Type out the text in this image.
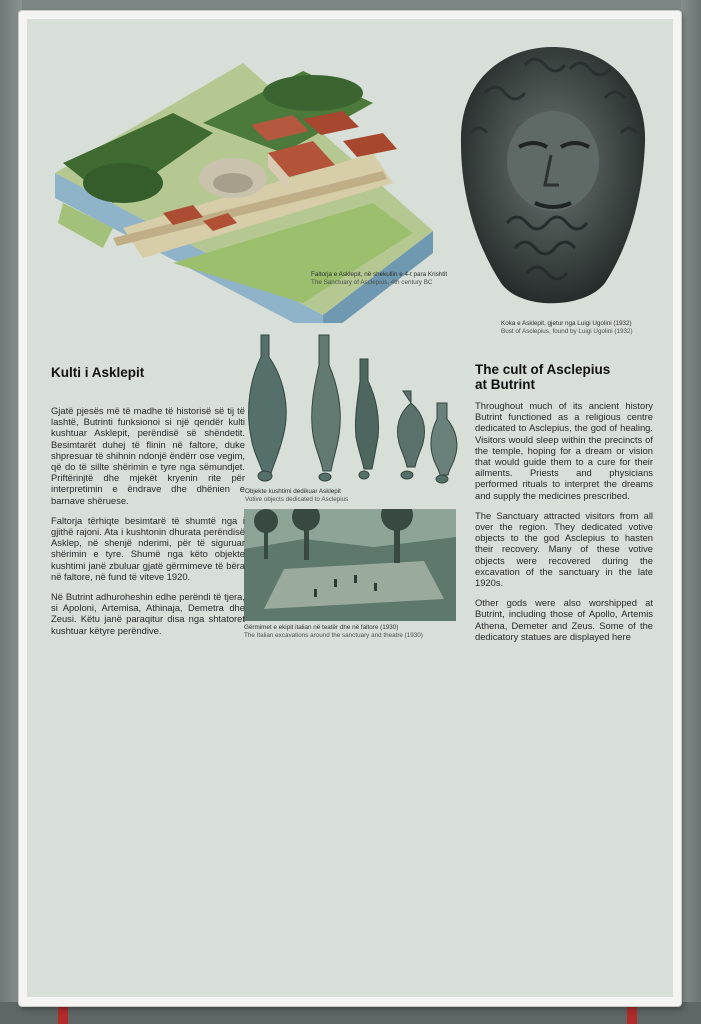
Faltorja e Asklepit, në shekullin e 4-t para Krishtit
The Sanctuary of Asclepius, 4th century BC
Koka e Asklepit, gjetur nga Luigi Ugolini (1932)
Bust of Asclepius, found by Luigi Ugolini (1932)
Objekte kushtimi dedikuar Asklepit
Votive objects dedicated to Asclepius
Gërmimet e ekipit italian në teatër dhe në faltore (1930)
The Italian excavations around the sanctuary and theatre (1930)
Kulti i Asklepit

Gjatë pjesës më të madhe të historisë së tij të lashtë, Butrinti funksionoi si një qendër kulti kushtuar Asklepit, perëndisë së shëndetit. Besimtarët duhej të flinin në faltore, duke shpresuar të shihnin ndonjë ëndërr ose vegim, që do të sillte shërimin e tyre nga sëmundjet. Priftërinjtë dhe mjekët kryenin rite për interpretimin e ëndrave dhe dhënien e barnave shëruese.

Faltorja tërhiqte besimtarë të shumtë nga i gjithë rajoni. Ata i kushtonin dhurata perëndisë Asklep, në shenjë nderimi, për të siguruar shërimin e tyre. Shumë nga këto objekte kushtimi janë zbuluar gjatë gërmimeve të bëra në faltore, në fund të viteve 1920.

Në Butrint adhuroheshin edhe perëndi të tjera, si Apoloni, Artemisa, Athinaja, Demetra dhe Zeusi. Këtu janë paraqitur disa nga shtatoret kushtuar këtyre perëndive.

The cult of Asclepius
at Butrint

Throughout much of its ancient history Butrint functioned as a religious centre dedicated to Asclepius, the god of healing. Visitors would sleep within the precincts of the temple, hoping for a dream or vision that would guide them to a cure for their ailments. Priests and physicians performed rituals to interpret the dreams and supply the medicines prescribed.

The Sanctuary attracted visitors from all over the region. They dedicated votive objects to the god Asclepius to hasten their recovery. Many of these votive objects were recovered during the excavation of the sanctuary in the late 1920s.

Other gods were also worshipped at Butrint, including those of Apollo, Artemis Athena, Demeter and Zeus. Some of the dedicatory statues are displayed here
